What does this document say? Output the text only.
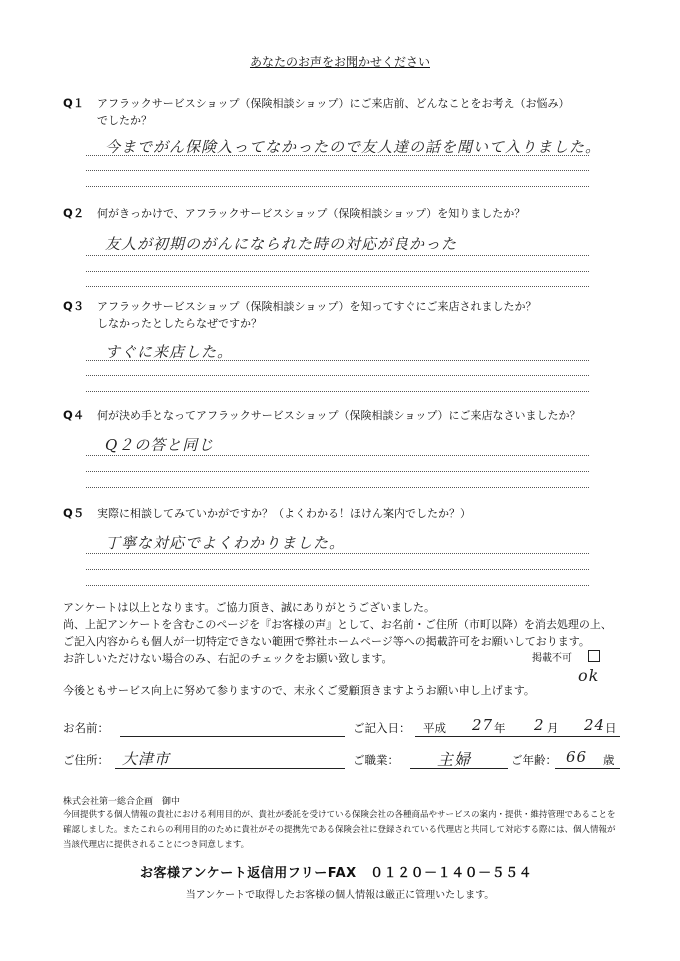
あなたのお声をお聞かせください
Q１ アフラックサービスショップ（保険相談ショップ）にご来店前、どんなことをお考え（お悩み）
でしたか？
今までがん保険入ってなかったので友人達の話を聞いて入りました。
Q２ 何がきっかけで、アフラックサービスショップ（保険相談ショップ）を知りましたか？
友人が初期のがんになられた時の対応が良かった
Q３ アフラックサービスショップ（保険相談ショップ）を知ってすぐにご来店されましたか？
しなかったとしたらなぜですか？
すぐに来店した。
Q４ 何が決め手となってアフラックサービスショップ（保険相談ショップ）にご来店なさいましたか？
Q２の答と同じ
Q５ 実際に相談してみていかがですか？（よくわかる！ほけん案内でしたか？）
丁寧な対応でよくわかりました。
アンケートは以上となります。ご協力頂き、誠にありがとうございました。
尚、上記アンケートを含むこのページを『お客様の声』として、お名前・ご住所（市町以降）を消去処理の上、
ご記入内容からも個人が一切特定できない範囲で弊社ホームページ等への掲載許可をお願いしております。
お許しいただけない場合のみ、右記のチェックをお願い致します。	掲載不可
ok
今後ともサービス向上に努めて参りますので、末永くご愛顧頂きますようお願い申し上げます。
お名前：	ご記入日： 平成 27 年 2 月 24 日
ご住所： 大津市	ご職業： 主婦	ご年齢： 66 歳
株式会社第一総合企画　御中
今回提供する個人情報の貴社における利用目的が、貴社が委託を受けている保険会社の各種商品やサービスの案内・提供・維持管理であることを確認しました。またこれらの利用目的のために貴社がその提携先である保険会社に登録されている代理店と共同して対応する際には、個人情報が当該代理店に提供されることにつき同意します。
お客様アンケート返信用フリーFAX　０１２０－１４０－５５４
当アンケートで取得したお客様の個人情報は厳正に管理いたします。
